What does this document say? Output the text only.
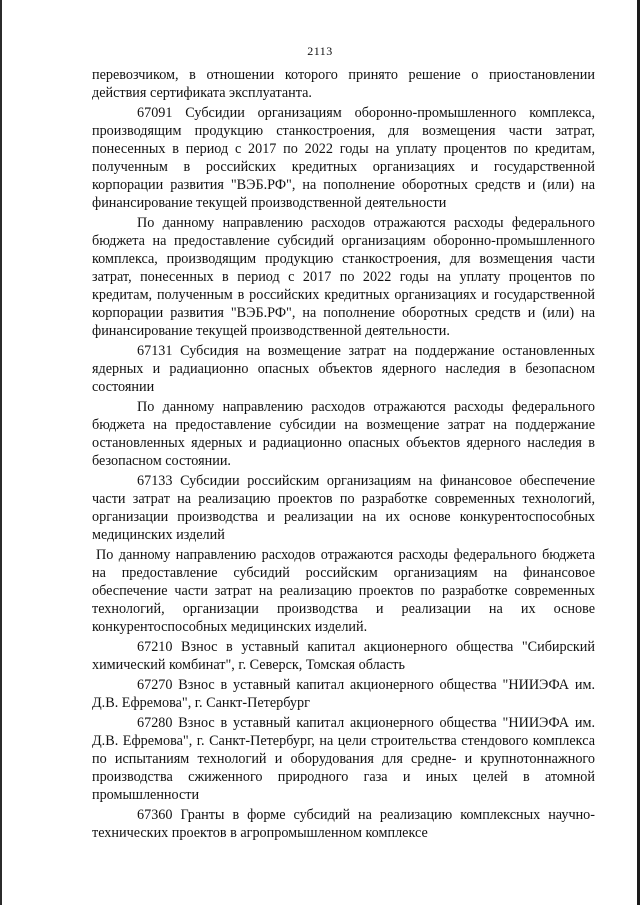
2113

перевозчиком, в отношении которого принято решение о приостановлении действия сертификата эксплуатанта.

67091 Субсидии организациям оборонно-промышленного комплекса, производящим продукцию станкостроения, для возмещения части затрат, понесенных в период с 2017 по 2022 годы на уплату процентов по кредитам, полученным в российских кредитных организациях и государственной корпорации развития "ВЭБ.РФ", на пополнение оборотных средств и (или) на финансирование текущей производственной деятельности

По данному направлению расходов отражаются расходы федерального бюджета на предоставление субсидий организациям оборонно-промышленного комплекса, производящим продукцию станкостроения, для возмещения части затрат, понесенных в период с 2017 по 2022 годы на уплату процентов по кредитам, полученным в российских кредитных организациях и государственной корпорации развития "ВЭБ.РФ", на пополнение оборотных средств и (или) на финансирование текущей производственной деятельности.

67131 Субсидия на возмещение затрат на поддержание остановленных ядерных и радиационно опасных объектов ядерного наследия в безопасном состоянии

По данному направлению расходов отражаются расходы федерального бюджета на предоставление субсидии на возмещение затрат на поддержание остановленных ядерных и радиационно опасных объектов ядерного наследия в безопасном состоянии.

67133 Субсидии российским организациям на финансовое обеспечение части затрат на реализацию проектов по разработке современных технологий, организации производства и реализации на их основе конкурентоспособных медицинских изделий

По данному направлению расходов отражаются расходы федерального бюджета на предоставление субсидий российским организациям на финансовое обеспечение части затрат на реализацию проектов по разработке современных технологий, организации производства и реализации на их основе конкурентоспособных медицинских изделий.

67210 Взнос в уставный капитал акционерного общества "Сибирский химический комбинат", г. Северск, Томская область

67270 Взнос в уставный капитал акционерного общества "НИИЭФА им. Д.В. Ефремова", г. Санкт-Петербург

67280 Взнос в уставный капитал акционерного общества "НИИЭФА им. Д.В. Ефремова", г. Санкт-Петербург, на цели строительства стендового комплекса по испытаниям технологий и оборудования для средне- и крупнотоннажного производства сжиженного природного газа и иных целей в атомной промышленности

67360 Гранты в форме субсидий на реализацию комплексных научно-технических проектов в агропромышленном комплексе
